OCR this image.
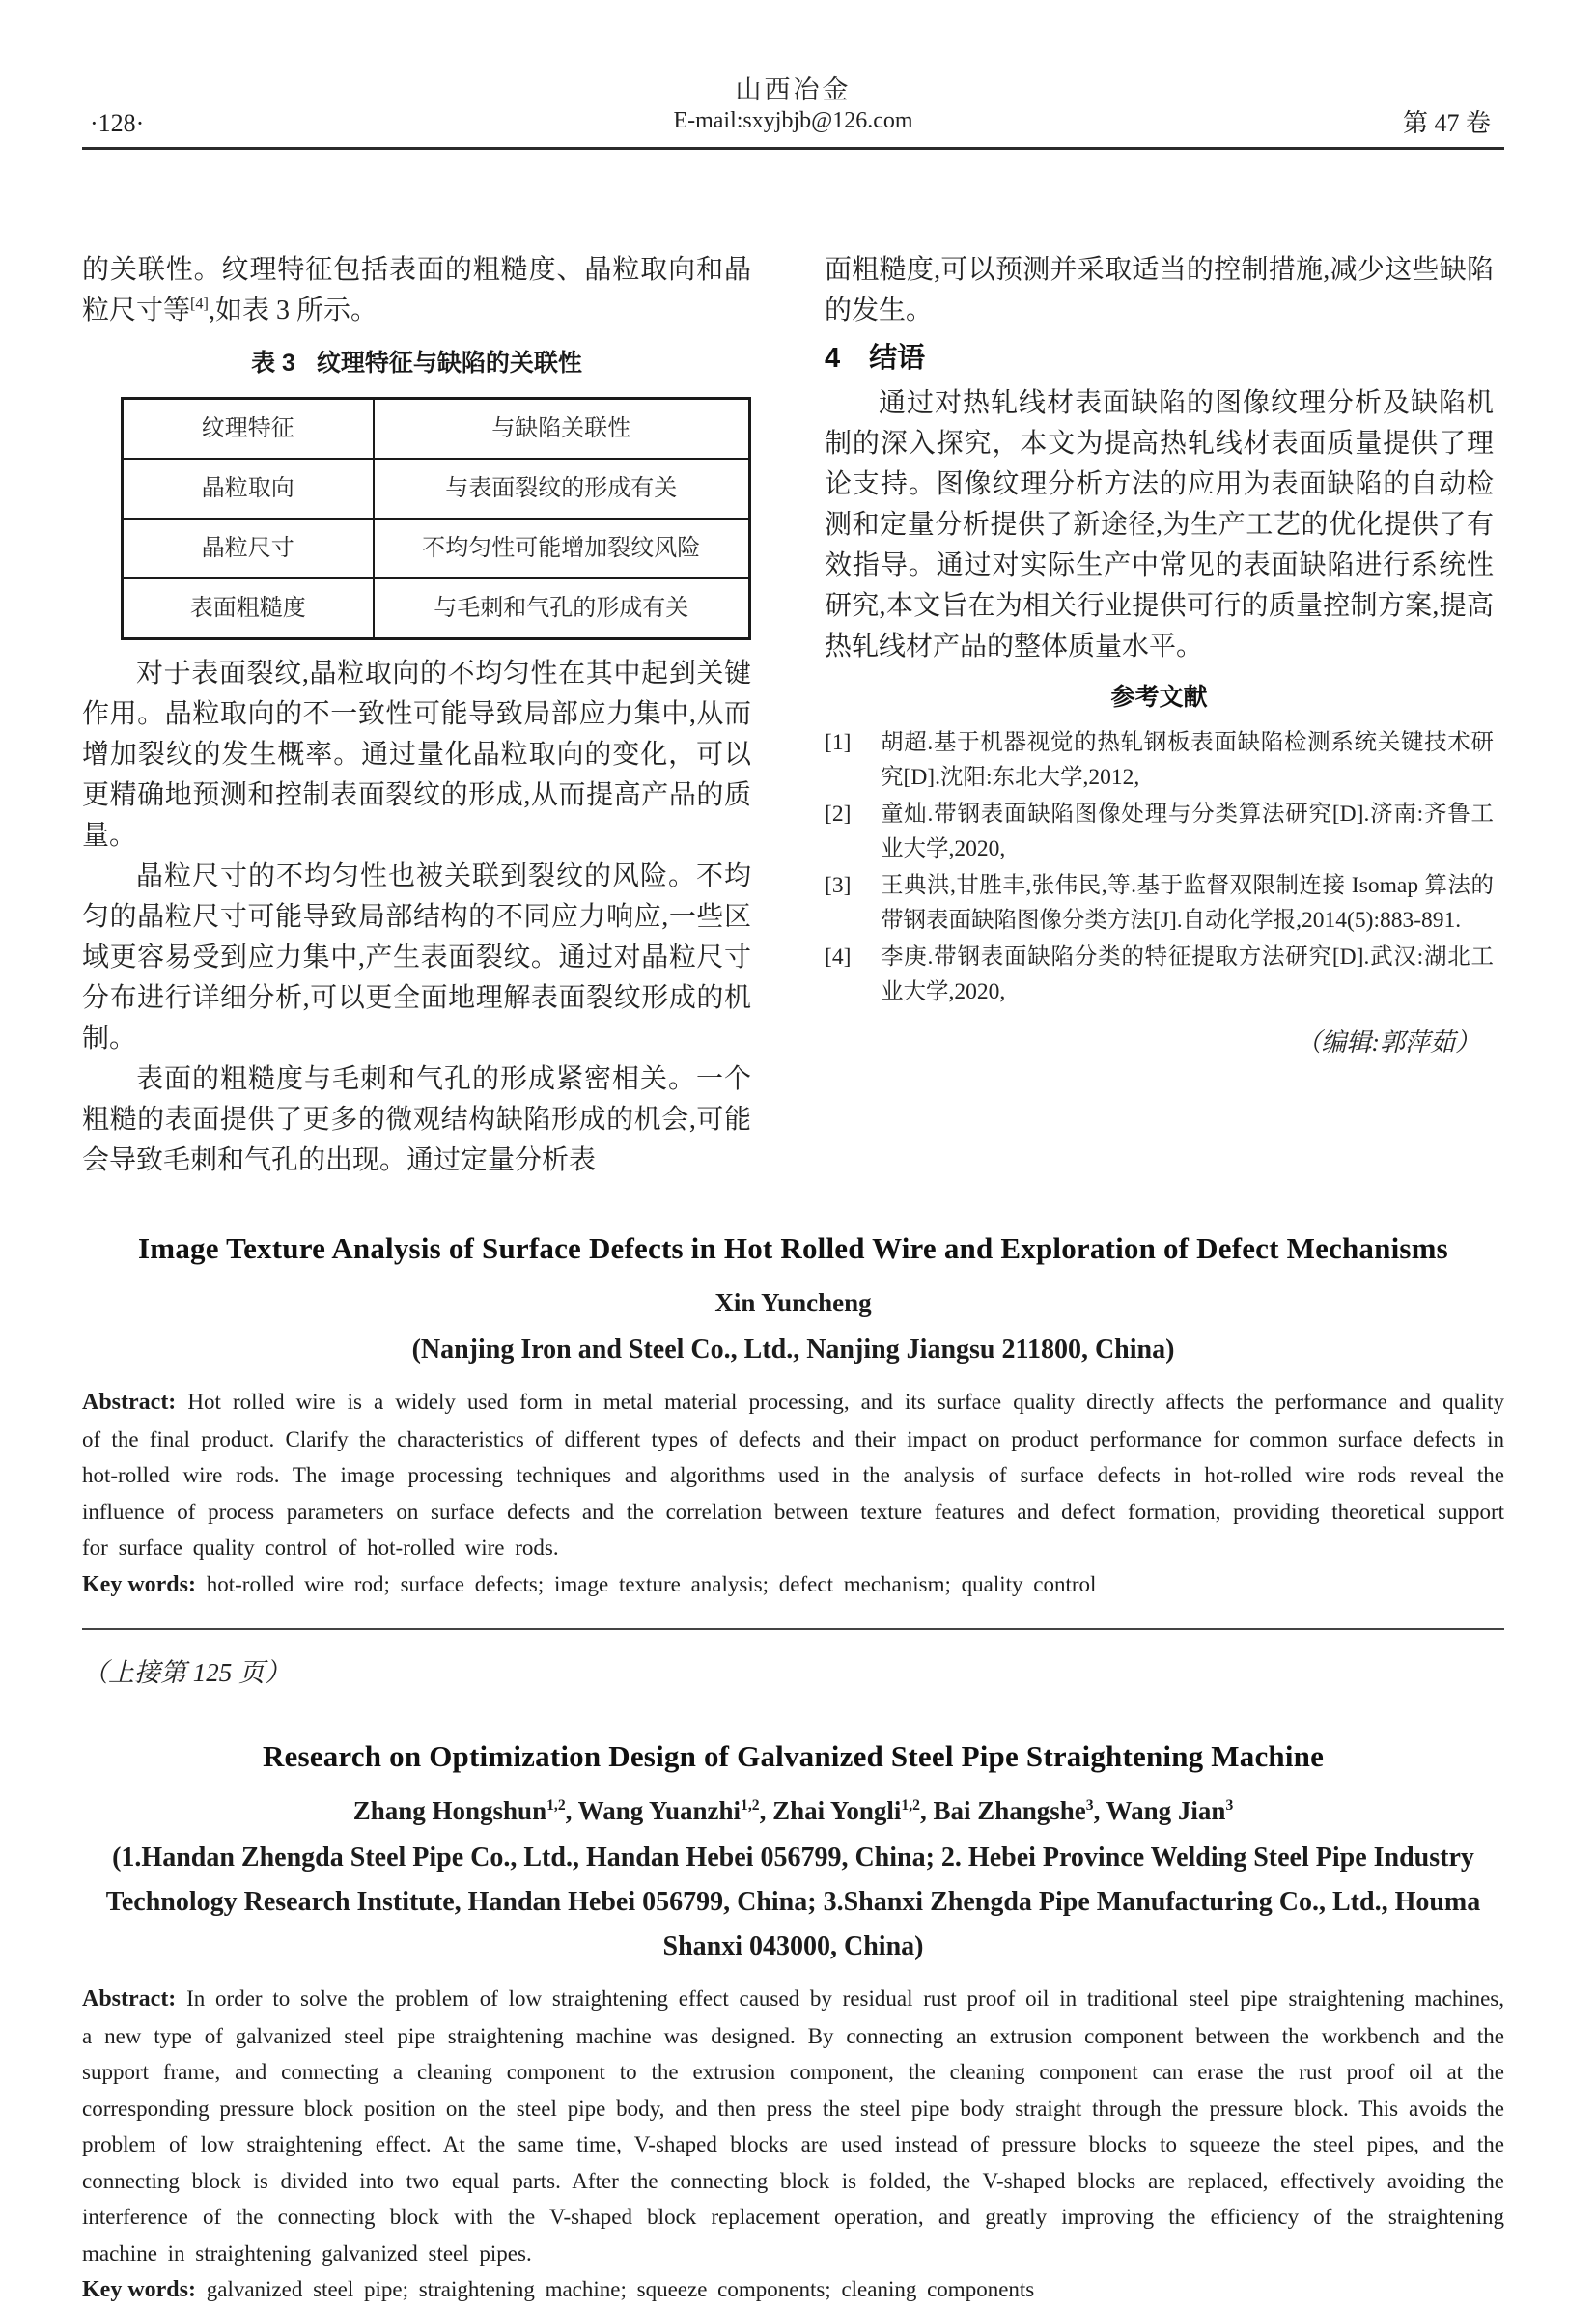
山西冶金
·128·	E-mail:sxyjbjb@126.com	第 47 卷

的关联性。纹理特征包括表面的粗糙度、晶粒取向和晶粒尺寸等[4],如表 3 所示。

表 3 纹理特征与缺陷的关联性
纹理特征	与缺陷关联性
晶粒取向	与表面裂纹的形成有关
晶粒尺寸	不均匀性可能增加裂纹风险
表面粗糙度	与毛刺和气孔的形成有关

对于表面裂纹,晶粒取向的不均匀性在其中起到关键作用。晶粒取向的不一致性可能导致局部应力集中,从而增加裂纹的发生概率。通过量化晶粒取向的变化，可以更精确地预测和控制表面裂纹的形成,从而提高产品的质量。

晶粒尺寸的不均匀性也被关联到裂纹的风险。不均匀的晶粒尺寸可能导致局部结构的不同应力响应,一些区域更容易受到应力集中,产生表面裂纹。通过对晶粒尺寸分布进行详细分析,可以更全面地理解表面裂纹形成的机制。

表面的粗糙度与毛刺和气孔的形成紧密相关。一个粗糙的表面提供了更多的微观结构缺陷形成的机会,可能会导致毛刺和气孔的出现。通过定量分析表

面粗糙度,可以预测并采取适当的控制措施,减少这些缺陷的发生。

4 结语

通过对热轧线材表面缺陷的图像纹理分析及缺陷机制的深入探究，本文为提高热轧线材表面质量提供了理论支持。图像纹理分析方法的应用为表面缺陷的自动检测和定量分析提供了新途径,为生产工艺的优化提供了有效指导。通过对实际生产中常见的表面缺陷进行系统性研究,本文旨在为相关行业提供可行的质量控制方案,提高热轧线材产品的整体质量水平。

参考文献
[1]	胡超.基于机器视觉的热轧钢板表面缺陷检测系统关键技术研究[D].沈阳:东北大学,2012,
[2]	童灿.带钢表面缺陷图像处理与分类算法研究[D].济南:齐鲁工业大学,2020,
[3]	王典洪,甘胜丰,张伟民,等.基于监督双限制连接 Isomap 算法的带钢表面缺陷图像分类方法[J].自动化学报,2014(5):883-891.
[4]	李庚.带钢表面缺陷分类的特征提取方法研究[D].武汉:湖北工业大学,2020,
（编辑:郭萍茹）
Image Texture Analysis of Surface Defects in Hot Rolled Wire and Exploration of Defect Mechanisms
Xin Yuncheng
(Nanjing Iron and Steel Co., Ltd., Nanjing Jiangsu 211800, China)

Abstract: Hot rolled wire is a widely used form in metal material processing, and its surface quality directly affects the performance and quality of the final product. Clarify the characteristics of different types of defects and their impact on product performance for common surface defects in hot-rolled wire rods. The image processing techniques and algorithms used in the analysis of surface defects in hot-rolled wire rods reveal the influence of process parameters on surface defects and the correlation between texture features and defect formation, providing theoretical support for surface quality control of hot-rolled wire rods.

Key words: hot-rolled wire rod; surface defects; image texture analysis; defect mechanism; quality control

（上接第 125 页）
Research on Optimization Design of Galvanized Steel Pipe Straightening Machine
Zhang Hongshun$^{1,2}$, Wang Yuanzhi$^{1,2}$, Zhai Yongli$^{1,2}$, Bai Zhangshe$^3$, Wang Jian$^3$
(1.Handan Zhengda Steel Pipe Co., Ltd., Handan Hebei 056799, China; 2. Hebei Province Welding Steel Pipe Industry Technology Research Institute, Handan Hebei 056799, China; 3.Shanxi Zhengda Pipe Manufacturing Co., Ltd., Houma Shanxi 043000, China)

Abstract: In order to solve the problem of low straightening effect caused by residual rust proof oil in traditional steel pipe straightening machines, a new type of galvanized steel pipe straightening machine was designed. By connecting an extrusion component between the workbench and the support frame, and connecting a cleaning component to the extrusion component, the cleaning component can erase the rust proof oil at the corresponding pressure block position on the steel pipe body, and then press the steel pipe body straight through the pressure block. This avoids the problem of low straightening effect. At the same time, V-shaped blocks are used instead of pressure blocks to squeeze the steel pipes, and the connecting block is divided into two equal parts. After the connecting block is folded, the V-shaped blocks are replaced, effectively avoiding the interference of the connecting block with the V-shaped block replacement operation, and greatly improving the efficiency of the straightening machine in straightening galvanized steel pipes.

Key words: galvanized steel pipe; straightening machine; squeeze components; cleaning components
